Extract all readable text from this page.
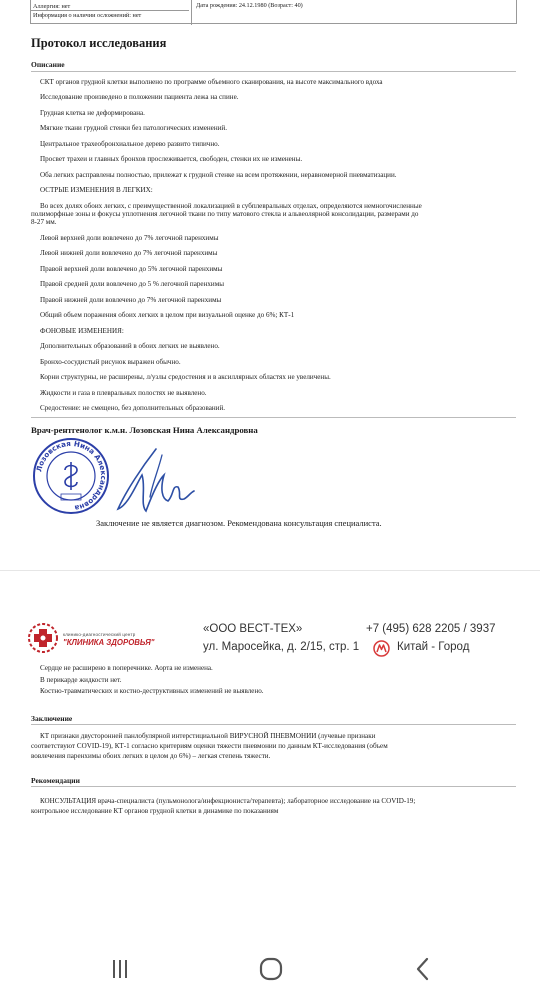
Аллергия: нет
Информация о наличии осложнений: нет
Дата рождения: 24.12.1980 (Возраст: 40)
Протокол исследования
Описание
СКТ органов грудной клетки выполнено по программе объемного сканирования, на высоте максимального вдоха
Исследование произведено в положении пациента лежа на спине.
Грудная клетка не деформирована.
Мягкие ткани грудной стенки без патологических изменений.
Центральное трахеобронхиальное дерево развито типично.
Просвет трахеи и главных бронхов прослеживается, свободен, стенки их не изменены.
Оба легких расправлены полностью, прилежат к грудной стенке на всем протяжении, неравномерной пневматизации.
ОСТРЫЕ ИЗМЕНЕНИЯ В ЛЕГКИХ:
Во всех долях обоих легких, с преимущественной локализацией в субплевральных отделах, определяются немногочисленные
полиморфные зоны и фокусы уплотнения легочной ткани по типу матового стекла и альвеолярной консолидации, размерами до
8-27 мм.
Левой верхней доли вовлечено до 7% легочной паренхимы
Левой нижней доли вовлечено до 7% легочной паренхимы
Правой верхней доли вовлечено до 5% легочной паренхимы
Правой средней доли вовлечено до 5 % легочной паренхимы
Правой нижней доли вовлечено до 7% легочной паренхимы
Общий объем поражения обоих легких в целом при визуальной оценке до 6%; КТ-1
ФОНОВЫЕ ИЗМЕНЕНИЯ:
Дополнительных образований в обоих легких не выявлено.
Бронхо-сосудистый рисунок выражен обычно.
Корни структурны, не расширены, л/узлы средостения и в аксиллярных областях не увеличены.
Жидкости и газа в плевральных полостях не выявлено.
Средостение: не смещено, без дополнительных образований.
Врач-рентгенолог к.м.н. Лозовская Нина Александровна
Лозовская Нина Александровна
Заключение не является диагнозом. Рекомендована консультация специалиста.
клинико-диагностический центр
"КЛИНИКА ЗДОРОВЬЯ"
«ООО ВЕСТ-ТЕХ»
ул. Маросейка, д. 2/15, стр. 1
+7 (495) 628 2205 / 3937
Китай - Город
Сердце не расширено в поперечнике. Аорта не изменена.
В перикарде жидкости нет.
Костно-травматических и костно-деструктивных изменений не выявлено.
Заключение
КТ признаки двусторонней панлобулярной интерстициальной ВИРУСНОЙ ПНЕВМОНИИ (лучевые признаки
соответствуют COVID-19), КТ-1 согласно критериям оценки тяжести пневмонии по данным КТ-исследования (объем
вовлечения паренхимы обоих легких в целом до 6%) – легкая степень тяжести.
Рекомендации
КОНСУЛЬТАЦИЯ врача-специалиста (пульмонолога/инфекциониста/терапевта); лабораторное исследование на COVID-19;
контрольное исследование КТ органов грудной клетки в динамике по показаниям
